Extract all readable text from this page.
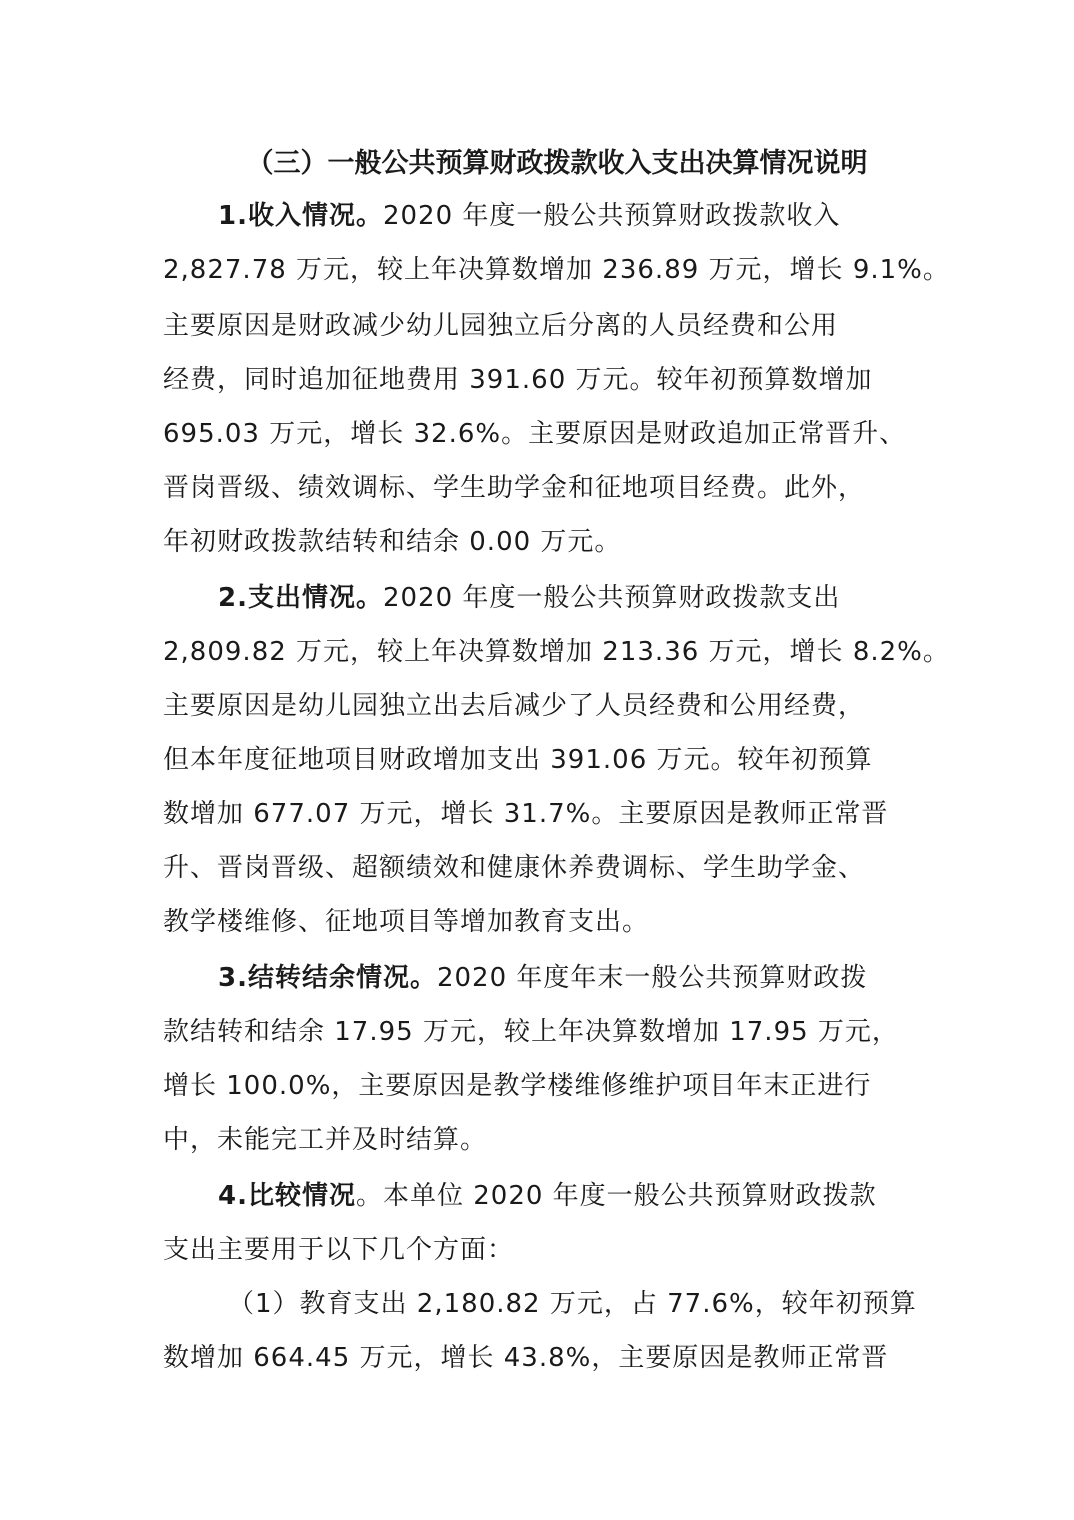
（三）一般公共预算财政拨款收入支出决算情况说明
1.收入情况。2020 年度一般公共预算财政拨款收入
2,827.78 万元，较上年决算数增加 236.89 万元，增长 9.1%。
主要原因是财政减少幼儿园独立后分离的人员经费和公用
经费，同时追加征地费用 391.60 万元。较年初预算数增加
695.03 万元，增长 32.6%。主要原因是财政追加正常晋升、
晋岗晋级、绩效调标、学生助学金和征地项目经费。此外，
年初财政拨款结转和结余 0.00 万元。
2.支出情况。2020 年度一般公共预算财政拨款支出
2,809.82 万元，较上年决算数增加 213.36 万元，增长 8.2%。
主要原因是幼儿园独立出去后减少了人员经费和公用经费，
但本年度征地项目财政增加支出 391.06 万元。较年初预算
数增加 677.07 万元，增长 31.7%。主要原因是教师正常晋
升、晋岗晋级、超额绩效和健康休养费调标、学生助学金、
教学楼维修、征地项目等增加教育支出。
3.结转结余情况。2020 年度年末一般公共预算财政拨
款结转和结余 17.95 万元，较上年决算数增加 17.95 万元，
增长 100.0%，主要原因是教学楼维修维护项目年末正进行
中，未能完工并及时结算。
4.比较情况。本单位 2020 年度一般公共预算财政拨款
支出主要用于以下几个方面：
（1）教育支出 2,180.82 万元，占 77.6%，较年初预算
数增加 664.45 万元，增长 43.8%，主要原因是教师正常晋
